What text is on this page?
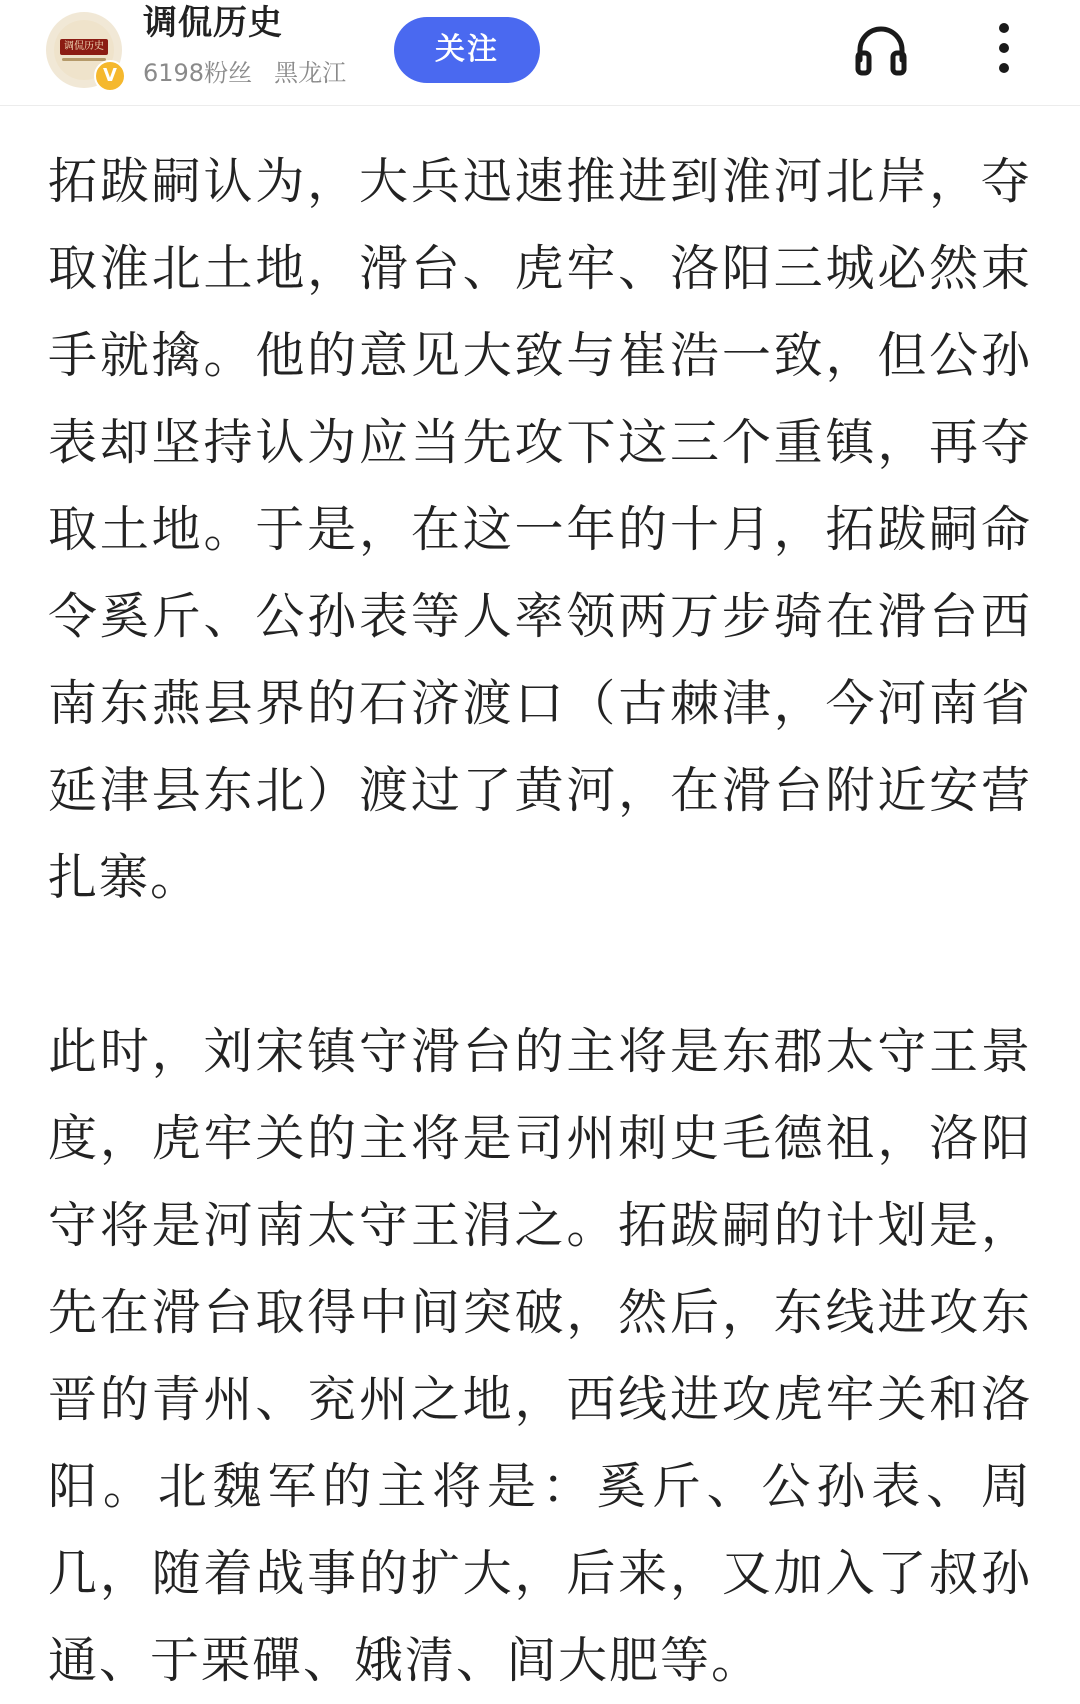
调侃历史
V
调侃历史
6198粉丝 黑龙江
关注

拓跋嗣认为，大兵迅速推进到淮河北岸，夺取淮北土地，滑台、虎牢、洛阳三城必然束手就擒。他的意见大致与崔浩一致，但公孙表却坚持认为应当先攻下这三个重镇，再夺取土地。于是，在这一年的十月，拓跋嗣命令奚斤、公孙表等人率领两万步骑在滑台西南东燕县界的石济渡口（古棘津，今河南省延津县东北）渡过了黄河，在滑台附近安营扎寨。

此时，刘宋镇守滑台的主将是东郡太守王景度，虎牢关的主将是司州刺史毛德祖，洛阳守将是河南太守王涓之。拓跋嗣的计划是，先在滑台取得中间突破，然后，东线进攻东晋的青州、兖州之地，西线进攻虎牢关和洛阳。北魏军的主将是：奚斤、公孙表、周几，随着战事的扩大，后来，又加入了叔孙通、于栗磾、娥清、闾大肥等。
